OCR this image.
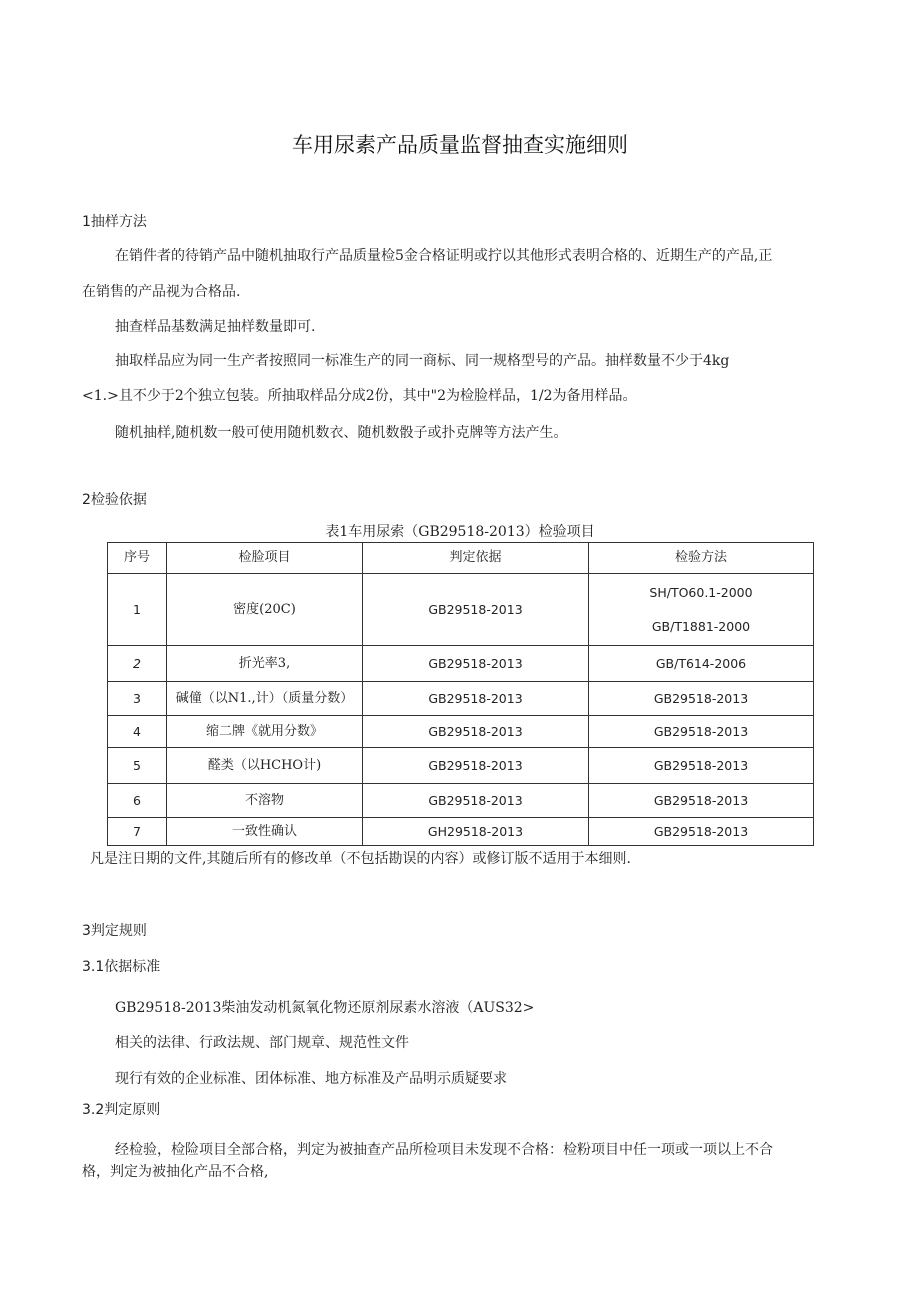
车用尿素产品质量监督抽查实施细则
1抽样方法
在销件者的待销产品中随机抽取行产品质量检5金合格证明或拧以其他形式表明合格的、近期生产的产品,正
在销售的产品视为合格品.
抽查样品基数满足抽样数量即可.
抽取样品应为同一生产者按照同一标准生产的同一商标、同一规格型号的产品。抽样数量不少于4kg
<1.>且不少于2个独立包装。所抽取样品分成2份，其中"2为检脸样品，1/2为备用样品。
随机抽样,随机数一般可使用随机数衣、随机数骰子或扑克牌等方法产生。
2检验依据
表1车用尿索（GB29518-2013）检验项目
序号	检脸项目	判定依据	检验方法
1	密度(20C)	GB29518-2013	SH/TO60.1-2000
GB/T1881-2000

2	折光率3,	GB29518-2013	GB/T614-2006
3	碱僮（以N1.,计）（质量分数）	GB29518-2013	GB29518-2013
4	缩二牌《就用分数》	GB29518-2013	GB29518-2013
5	醛类（以HCHO计)	GB29518-2013	GB29518-2013
6	不溶物	GB29518-2013	GB29518-2013
7	一致性确认	GH29518-2013	GB29518-2013
凡是注日期的文件,其随后所有的修改单（不包括勘误的内容）或修订版不适用于本细则.
3判定规则
3.1依据标准
GB29518-2013柴油发动机氮氧化物还原剂尿素水溶液（AUS32>
相关的法律、行政法规、部门规章、规范性文件
现行有效的企业标准、团体标准、地方标准及产品明示质疑要求
3.2判定原则
经检验，检险项目全部合格，判定为被抽查产品所检项目未发现不合格：检粉项目中任一项或一项以上不合
格，判定为被抽化产品不合格,
